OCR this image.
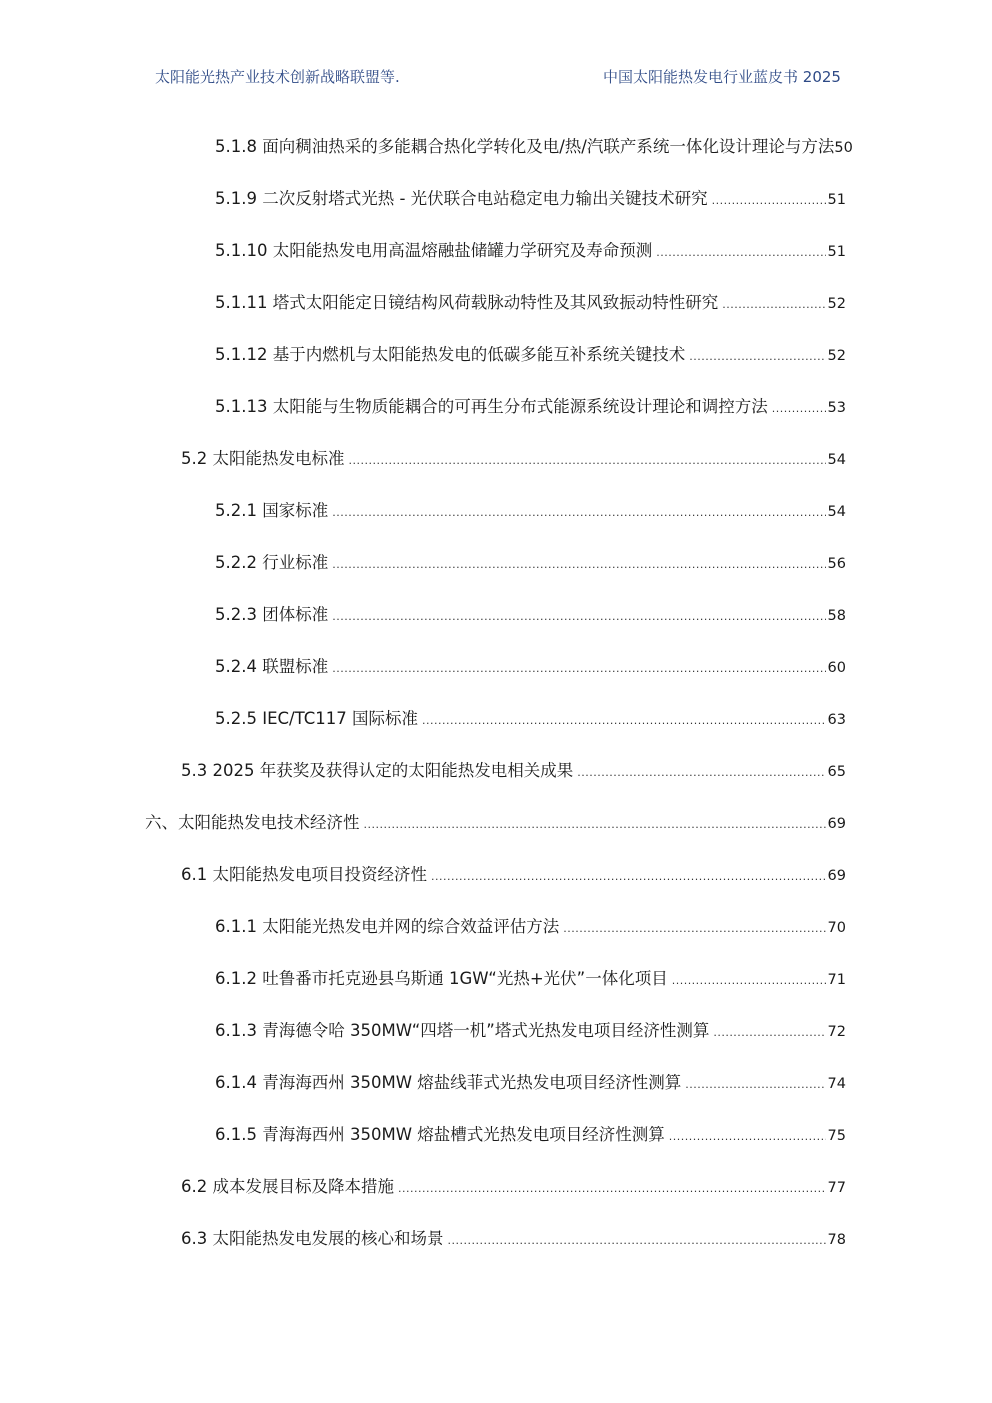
太阳能光热产业技术创新战略联盟等.	中国太阳能热发电行业蓝皮书 2025
5.1.8 面向稠油热采的多能耦合热化学转化及电/热/汽联产系统一体化设计理论与方法 50
5.1.9 二次反射塔式光热 - 光伏联合电站稳定电力输出关键技术研究 .....	51
5.1.10 太阳能热发电用高温熔融盐储罐力学研究及寿命预测 .....	51
5.1.11 塔式太阳能定日镜结构风荷载脉动特性及其风致振动特性研究 .....	52
5.1.12 基于内燃机与太阳能热发电的低碳多能互补系统关键技术 .....	52
5.1.13 太阳能与生物质能耦合的可再生分布式能源系统设计理论和调控方法 .....	53
5.2 太阳能热发电标准 .....	54
5.2.1 国家标准 .....	54
5.2.2 行业标准 .....	56
5.2.3 团体标准 .....	58
5.2.4 联盟标准 .....	60
5.2.5 IEC/TC117 国际标准 .....	63
5.3 2025 年获奖及获得认定的太阳能热发电相关成果 .....	65
六、太阳能热发电技术经济性 .....	69
6.1 太阳能热发电项目投资经济性 .....	69
6.1.1 太阳能光热发电并网的综合效益评估方法 .....	70
6.1.2 吐鲁番市托克逊县乌斯通 1GW“光热+光伏”一体化项目 .....	71
6.1.3 青海德令哈 350MW“四塔一机”塔式光热发电项目经济性测算 .....	72
6.1.4 青海海西州 350MW 熔盐线菲式光热发电项目经济性测算 .....	74
6.1.5 青海海西州 350MW 熔盐槽式光热发电项目经济性测算 .....	75
6.2 成本发展目标及降本措施 .....	77
6.3 太阳能热发电发展的核心和场景 .....	78
